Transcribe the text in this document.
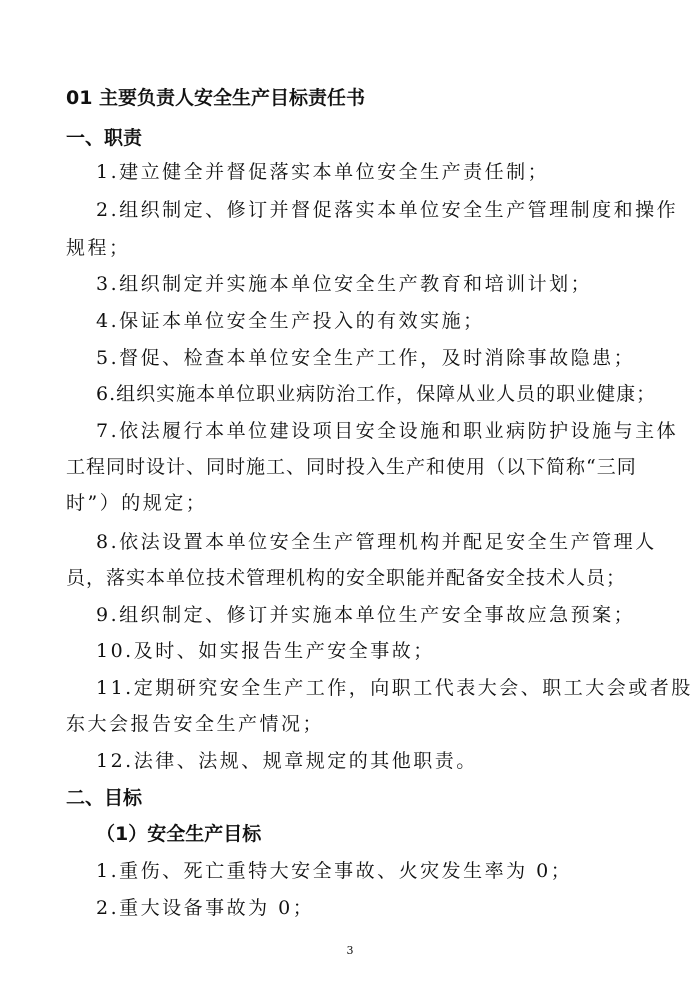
01 主要负责人安全生产目标责任书
一、职责
1.建立健全并督促落实本单位安全生产责任制；
2.组织制定、修订并督促落实本单位安全生产管理制度和操作
规程；
3.组织制定并实施本单位安全生产教育和培训计划；
4.保证本单位安全生产投入的有效实施；
5.督促、检查本单位安全生产工作，及时消除事故隐患；
6.组织实施本单位职业病防治工作，保障从业人员的职业健康；
7.依法履行本单位建设项目安全设施和职业病防护设施与主体
工程同时设计、同时施工、同时投入生产和使用（以下简称“三同
时”）的规定；
8.依法设置本单位安全生产管理机构并配足安全生产管理人
员，落实本单位技术管理机构的安全职能并配备安全技术人员；
9.组织制定、修订并实施本单位生产安全事故应急预案；
10.及时、如实报告生产安全事故；
11.定期研究安全生产工作，向职工代表大会、职工大会或者股
东大会报告安全生产情况；
12.法律、法规、规章规定的其他职责。
二、目标
（1）安全生产目标
1.重伤、死亡重特大安全事故、火灾发生率为 0；
2.重大设备事故为 0；
3
